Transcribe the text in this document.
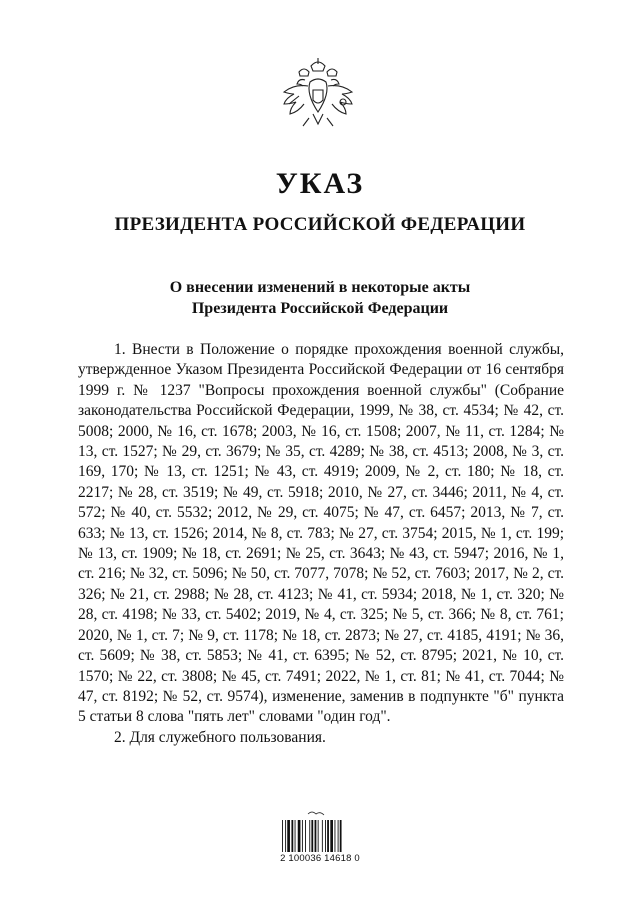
УКАЗ
ПРЕЗИДЕНТА РОССИЙСКОЙ ФЕДЕРАЦИИ
О внесении изменений в некоторые акты
Президента Российской Федерации

1. Внести в Положение о порядке прохождения военной службы, утвержденное Указом Президента Российской Федерации от 16 сентября 1999 г. № 1237 "Вопросы прохождения военной службы" (Собрание законодательства Российской Федерации, 1999, № 38, ст. 4534; № 42, ст. 5008; 2000, № 16, ст. 1678; 2003, № 16, ст. 1508; 2007, № 11, ст. 1284; № 13, ст. 1527; № 29, ст. 3679; № 35, ст. 4289; № 38, ст. 4513; 2008, № 3, ст. 169, 170; № 13, ст. 1251; № 43, ст. 4919; 2009, № 2, ст. 180; № 18, ст. 2217; № 28, ст. 3519; № 49, ст. 5918; 2010, № 27, ст. 3446; 2011, № 4, ст. 572; № 40, ст. 5532; 2012, № 29, ст. 4075; № 47, ст. 6457; 2013, № 7, ст. 633; № 13, ст. 1526; 2014, № 8, ст. 783; № 27, ст. 3754; 2015, № 1, ст. 199; № 13, ст. 1909; № 18, ст. 2691; № 25, ст. 3643; № 43, ст. 5947; 2016, № 1, ст. 216; № 32, ст. 5096; № 50, ст. 7077, 7078; № 52, ст. 7603; 2017, № 2, ст. 326; № 21, ст. 2988; № 28, ст. 4123; № 41, ст. 5934; 2018, № 1, ст. 320; № 28, ст. 4198; № 33, ст. 5402; 2019, № 4, ст. 325; № 5, ст. 366; № 8, ст. 761; 2020, № 1, ст. 7; № 9, ст. 1178; № 18, ст. 2873; № 27, ст. 4185, 4191; № 36, ст. 5609; № 38, ст. 5853; № 41, ст. 6395; № 52, ст. 8795; 2021, № 10, ст. 1570; № 22, ст. 3808; № 45, ст. 7491; 2022, № 1, ст. 81; № 41, ст. 7044; № 47, ст. 8192; № 52, ст. 9574), изменение, заменив в подпункте "б" пункта 5 статьи 8 слова "пять лет" словами "один год".

2. Для служебного пользования.

2 100036 14618 0
